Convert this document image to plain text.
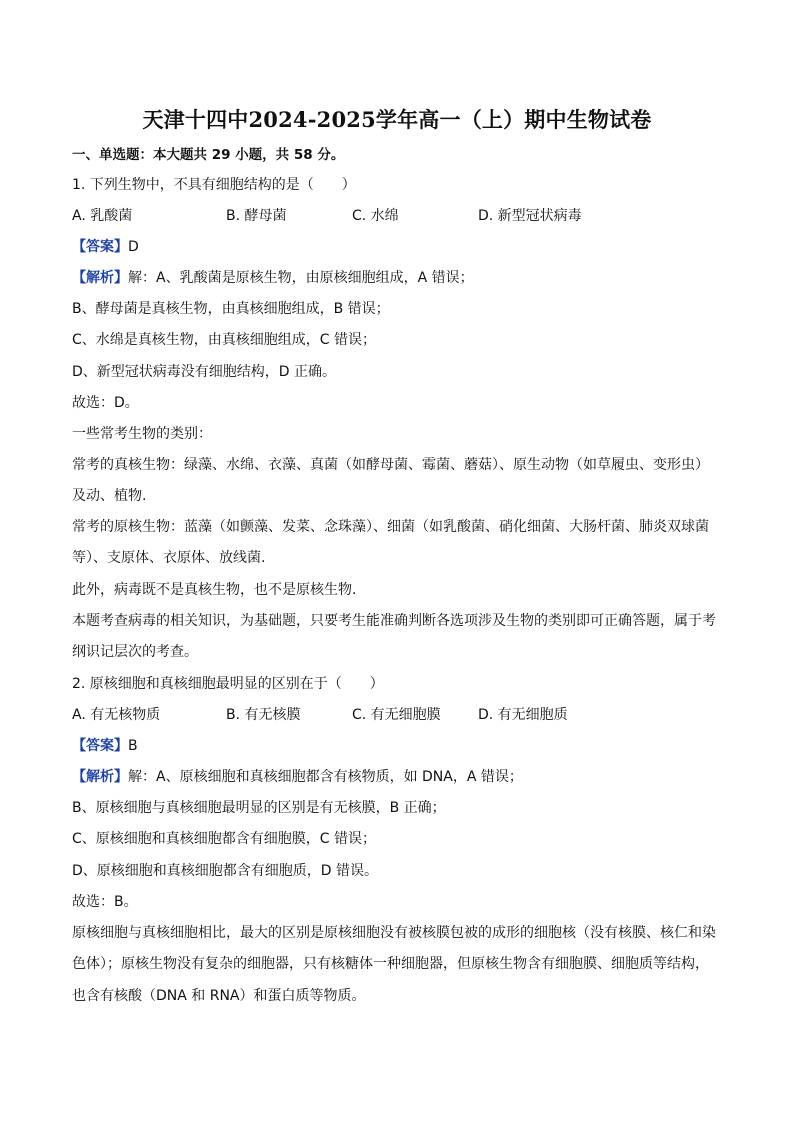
天津十四中2024-2025学年高一（上）期中生物试卷
一、单选题：本大题共 29 小题，共 58 分。
1. 下列生物中，不具有细胞结构的是（　　）
A. 乳酸菌	B. 酵母菌	C. 水绵	D. 新型冠状病毒
【答案】D
【解析】解：A、乳酸菌是原核生物，由原核细胞组成，A 错误；
B、酵母菌是真核生物，由真核细胞组成，B 错误；
C、水绵是真核生物，由真核细胞组成，C 错误；
D、新型冠状病毒没有细胞结构，D 正确。
故选：D。
一些常考生物的类别：
常考的真核生物：绿藻、水绵、衣藻、真菌（如酵母菌、霉菌、蘑菇）、原生动物（如草履虫、变形虫）
及动、植物.
常考的原核生物：蓝藻（如颤藻、发菜、念珠藻）、细菌（如乳酸菌、硝化细菌、大肠杆菌、肺炎双球菌
等）、支原体、衣原体、放线菌.
此外，病毒既不是真核生物，也不是原核生物.
本题考查病毒的相关知识，为基础题，只要考生能准确判断各选项涉及生物的类别即可正确答题，属于考
纲识记层次的考查。
2. 原核细胞和真核细胞最明显的区别在于（　　）
A. 有无核物质	B. 有无核膜	C. 有无细胞膜	D. 有无细胞质
【答案】B
【解析】解：A、原核细胞和真核细胞都含有核物质，如 DNA，A 错误；
B、原核细胞与真核细胞最明显的区别是有无核膜，B 正确；
C、原核细胞和真核细胞都含有细胞膜，C 错误；
D、原核细胞和真核细胞都含有细胞质，D 错误。
故选：B。
原核细胞与真核细胞相比，最大的区别是原核细胞没有被核膜包被的成形的细胞核（没有核膜、核仁和染
色体）；原核生物没有复杂的细胞器，只有核糖体一种细胞器，但原核生物含有细胞膜、细胞质等结构，
也含有核酸（DNA 和 RNA）和蛋白质等物质。
